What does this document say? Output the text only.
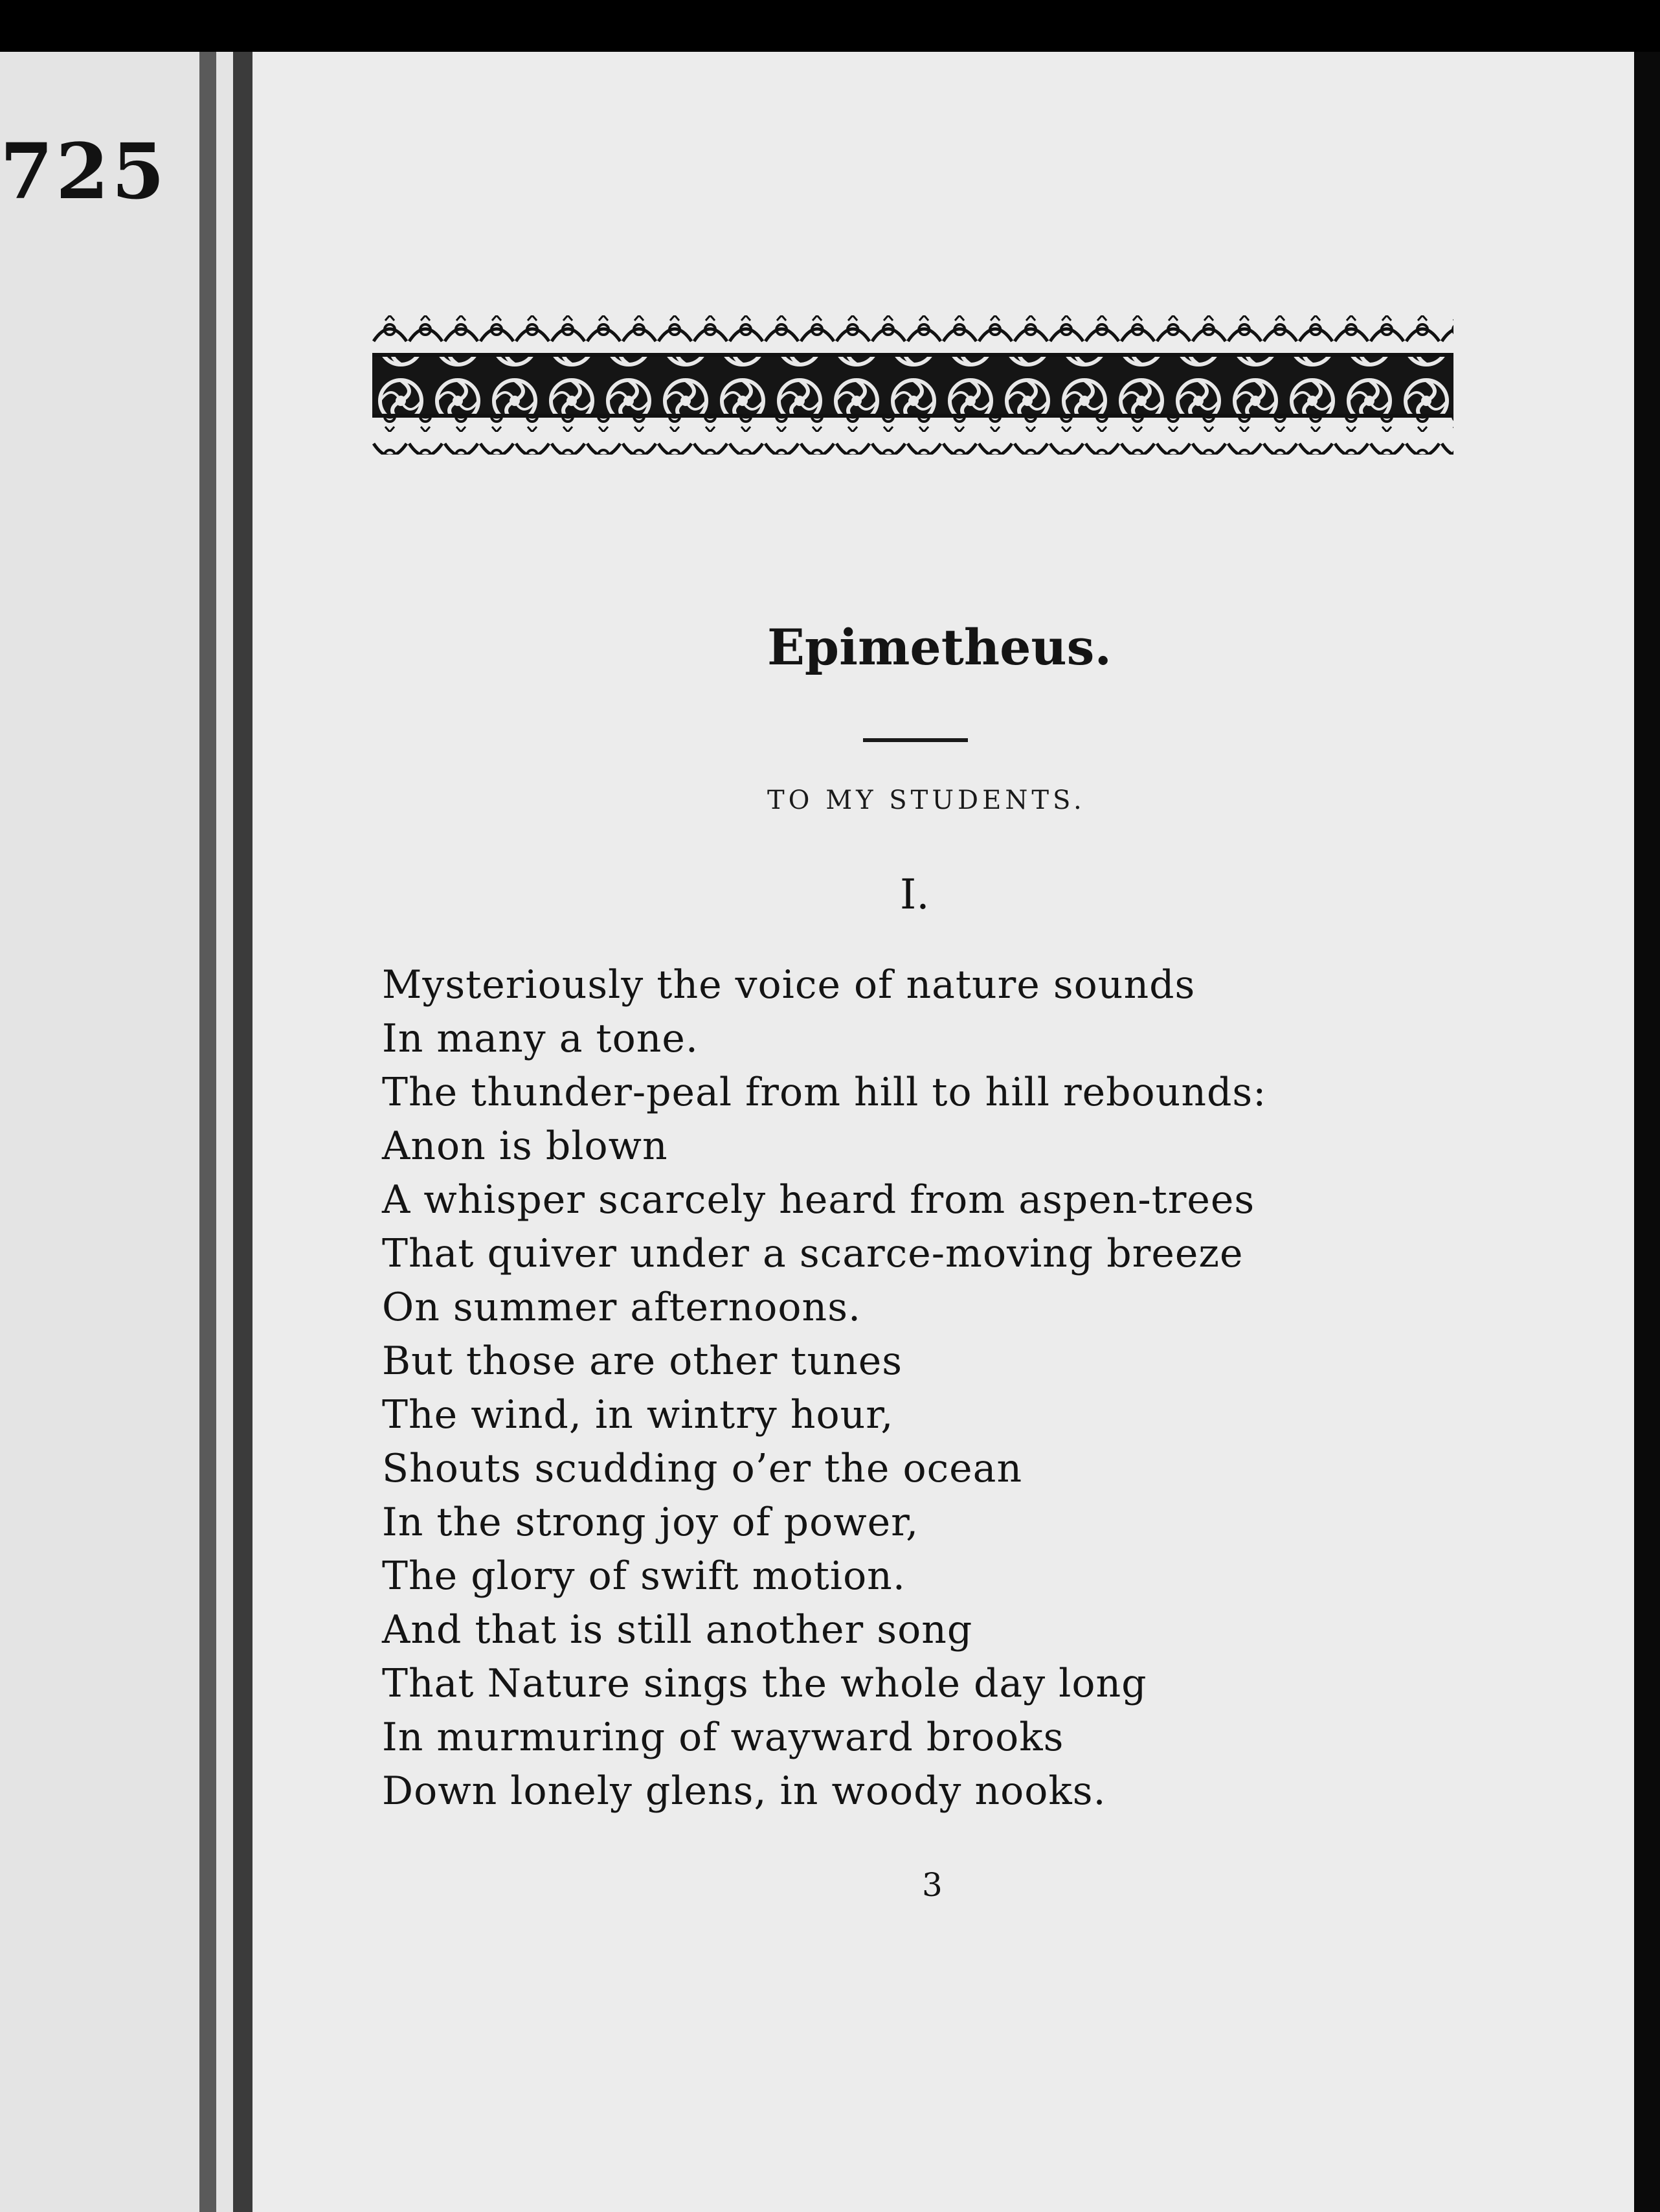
725
Epimetheus.
TO MY STUDENTS.
I.
Mysteriously the voice of nature sounds
In many a tone.
The thunder-peal from hill to hill rebounds:
Anon is blown
A whisper scarcely heard from aspen-trees
That quiver under a scarce-moving breeze
On summer afternoons.
But those are other tunes
The wind, in wintry hour,
Shouts scudding o’er the ocean
In the strong joy of power,
The glory of swift motion.
And that is still another song
That Nature sings the whole day long
In murmuring of wayward brooks
Down lonely glens, in woody nooks.
3
